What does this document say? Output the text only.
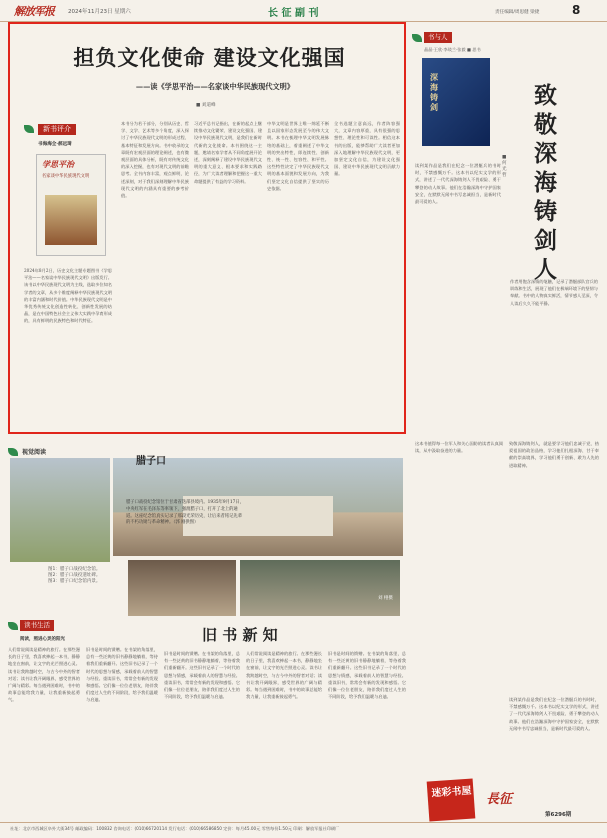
解放军报	2024年11月23日 星期六	长 征 副 刊	责任编辑/周思健 梁捷	8
担负文化使命 建设文化强国
——读《学思平治——名家谈中华民族现代文明》
■ 刘道峰
新书评介
书海海全·郝远琦
学思平治
名家谈中华民族现代文明
2024年8月2日，历史文化主题专题图书《学思平治——名家谈中华民族现代文明》出版发行。该书以中华民族现代文明为主线，选取多位知名学者的文章，从多个维度阐释中华民族现代文明的丰富内涵和时代价值。中华民族现代文明是中华优秀传统文化创造性转化、创新性发展的结晶，是在中国特色社会主义伟大实践中孕育形成的，具有鲜明的民族特色和时代特征。
本书分为若干部分，分别从历史、哲学、文学、艺术等多个角度，深入探讨了中华民族现代文明的形成过程、基本特征和发展方向。书中收录的文章既有宏观层面的理论阐述，也有微观层面的具体分析，既有对传统文化的深入挖掘，也有对现代文明的前瞻思考。全书内容丰富，观点鲜明，论述深刻，对于我们深刻理解中华民族现代文明的内涵具有重要的参考价值。
习近平总书记指出，在新的起点上继续推动文化繁荣、建设文化强国、建设中华民族现代文明，是我们在新时代新的文化使命。本书围绕这一主题，邀请名家学者从不同角度展开论述，深刻阐释了建设中华民族现代文明的重大意义、根本要求和实践路径，为广大读者理解和把握这一重大命题提供了有益的学习资料。
中华文明是世界上唯一绵延不断且以国家形态发展至今的伟大文明。本书在梳理中华文明发展脉络的基础上，着重阐述了中华文明的突出特性，即连续性、创新性、统一性、包容性、和平性。这些特性决定了中华民族现代文明的基本面貌和发展方向，为我们坚定文化自信提供了坚实的历史依据。
全书选题立意高远，作者阵容强大，文章内容厚重，具有很强的思想性、理论性和可读性。相信这本书的出版，能够帮助广大读者更加深入地理解中华民族现代文明，更加坚定文化自信，为建设文化强国、建设中华民族现代文明贡献力量。
书与人
晶晶·王欣·李琰兰·张毅 ■ 思书
深海铸剑	致敬深海铸剑人
■ 何光哲
读到某作品是我们在纪念一位潜艇兵的书时时，不禁感慨万千。这本书以纪实文学的形式，讲述了一代代深海铸剑人不畏艰险、勇于攀登的动人故事。他们在浩瀚深海中守护国家安全，在默默无闻中书写忠诚担当，是新时代最可爱的人。
作者用饱含深情的笔触，记录了潜艇部队官兵的训练和生活，展现了他们在极端环境下的坚韧与奉献。书中的人物真实鲜活，情节感人至深，令人读后久久不能平静。
致敬深海铸剑人，就是要学习他们忠诚于党、热爱祖国的政治品格，学习他们扎根深海、甘于奉献的崇高境界，学习他们勇于创新、敢为人先的进取精神。
这本书值得每一位军人和关心国防的读者认真阅读，从中汲取奋进的力量。
读到某作品是我们在纪念一位潜艇兵的书时时，不禁感慨万千。这本书以纪实文学的形式，讲述了一代代深海铸剑人不畏艰险、勇于攀登的动人故事。他们在浩瀚深海中守护国家安全，在默默无闻中书写忠诚担当，是新时代最可爱的人。
视觉阅读
腊子口
腊子口战役纪念馆位于甘肃省迭部县境内。1935年9月17日，中央红军在毛泽东等率领下，强渡腊子口，打开了北上的通道。这座纪念馆真实记录了那段光荣历史，让后来者铭记先辈的不朽功勋与革命精神。（郭 刚供图）
图1：腊子口战役纪念馆。
图2：腊子口战役遗址碑。
图3：腊子口纪念馆内景。
刘 栩摄
读书生活
阅读，照进心灵的阳光
人们常说阅读是精神的旅行。在那些漫长的日子里，我喜欢捧起一本书，静静地坐在窗前，让文字的光芒照进心灵。读书让我跨越时空，与古今中外的智者对话；读书让我开阔眼界，感受世界的广阔与精彩。每当遇到困难时，书中的故事总能给我力量，让我重新鼓起勇气。
旧书是时间的馈赠。在书架的角落里，总有一些泛黄的旧书静静地躺着，等待着我们重新翻开。这些旧书记录了一个时代的思想与情感，承载着前人的智慧与经验。重读旧书，常常会有新的发现和感悟。它们像一位位老朋友，陪伴我们度过人生的不同阶段，给予我们温暖与启迪。
旧 书 新 知
旧书是时间的馈赠。在书架的角落里，总有一些泛黄的旧书静静地躺着，等待着我们重新翻开。这些旧书记录了一个时代的思想与情感，承载着前人的智慧与经验。重读旧书，常常会有新的发现和感悟。它们像一位位老朋友，陪伴我们度过人生的不同阶段，给予我们温暖与启迪。
人们常说阅读是精神的旅行。在那些漫长的日子里，我喜欢捧起一本书，静静地坐在窗前，让文字的光芒照进心灵。读书让我跨越时空，与古今中外的智者对话；读书让我开阔眼界，感受世界的广阔与精彩。每当遇到困难时，书中的故事总能给我力量，让我重新鼓起勇气。
旧书是时间的馈赠。在书架的角落里，总有一些泛黄的旧书静静地躺着，等待着我们重新翻开。这些旧书记录了一个时代的思想与情感，承载着前人的智慧与经验。重读旧书，常常会有新的发现和感悟。它们像一位位老朋友，陪伴我们度过人生的不同阶段，给予我们温暖与启迪。
迷彩书屋 長征
第6296期
社址：北京市西城区阜外大街34号 邮政编码：100832 咨询电话：(010)66720114 发行电话：(010)66586850 定价：每月45.00元 零售每份1.50元 印刷：解放军报社印刷厂
